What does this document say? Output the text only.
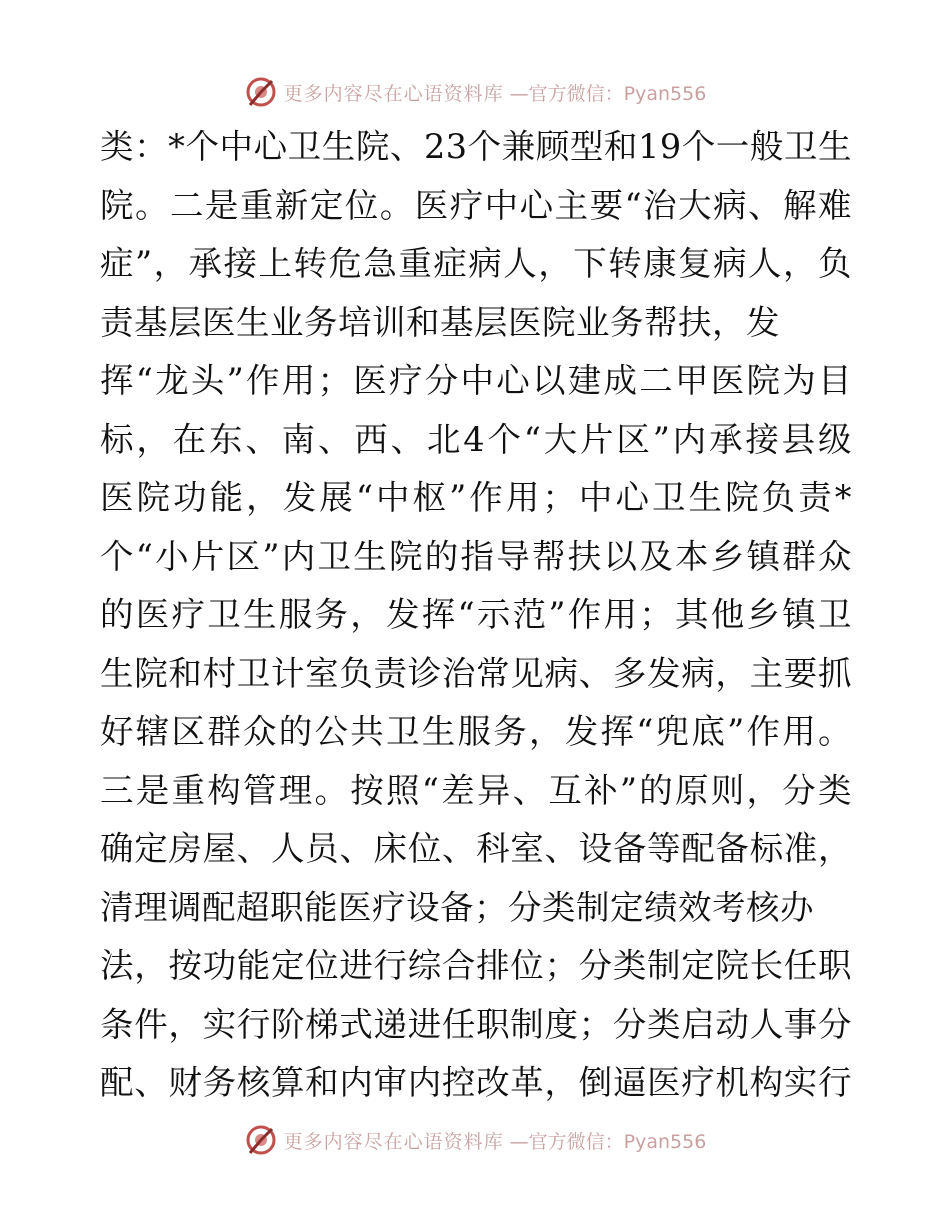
更多内容尽在心语资料库 —官方微信：Pyan556
类：*个中心卫生院、23个兼顾型和19个一般卫生
院。二是重新定位。医疗中心主要“治大病、解难
症”，承接上转危急重症病人，下转康复病人，负
责基层医生业务培训和基层医院业务帮扶，发
挥“龙头”作用；医疗分中心以建成二甲医院为目
标，在东、南、西、北4个“大片区”内承接县级
医院功能，发展“中枢”作用；中心卫生院负责*
个“小片区”内卫生院的指导帮扶以及本乡镇群众
的医疗卫生服务，发挥“示范”作用；其他乡镇卫
生院和村卫计室负责诊治常见病、多发病，主要抓
好辖区群众的公共卫生服务，发挥“兜底”作用。
三是重构管理。按照“差异、互补”的原则，分类
确定房屋、人员、床位、科室、设备等配备标准，
清理调配超职能医疗设备；分类制定绩效考核办
法，按功能定位进行综合排位；分类制定院长任职
条件，实行阶梯式递进任职制度；分类启动人事分
配、财务核算和内审内控改革，倒逼医疗机构实行
更多内容尽在心语资料库 —官方微信：Pyan556
